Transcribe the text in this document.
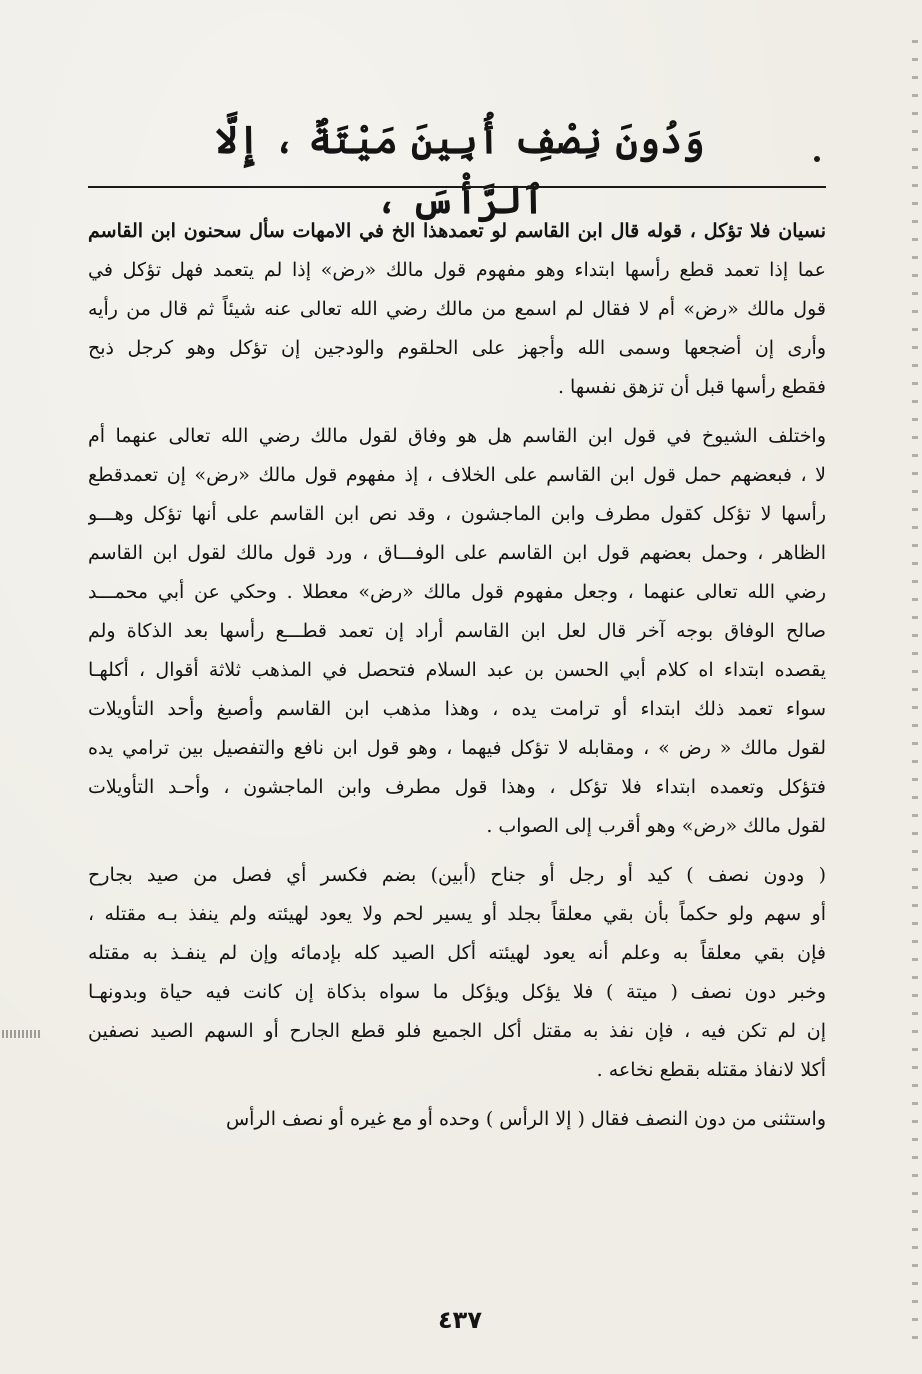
وَدُونَ نِصْفِ أُبِينَ مَيْتَةٌ ، إِلَّا ٱلرَّأْسَ ،
نسيان فلا تؤكل ، قوله قال ابن القاسم لو تعمدهذا الخ في الامهات سأل سحنون ابن القاسم
عما إذا تعمد قطع رأسها ابتداء وهو مفهوم قول مالك «رض» إذا لم يتعمد فهل تؤكل في
قول مالك «رض» أم لا فقال لم اسمع من مالك رضي الله تعالى عنه شيئاً ثم قال من رأيه
وأرى إن أضجعها وسمى الله وأجهز على الحلقوم والودجين إن تؤكل وهو كرجل ذبح
فقطع رأسها قبل أن تزهق نفسها .
واختلف الشيوخ في قول ابن القاسم هل هو وفاق لقول مالك رضي الله تعالى عنهما أم
لا ، فبعضهم حمل قول ابن القاسم على الخلاف ، إذ مفهوم قول مالك «رض» إن تعمدقطع
رأسها لا تؤكل كقول مطرف وابن الماجشون ، وقد نص ابن القاسم على أنها تؤكل وهـــو
الظاهر ، وحمل بعضهم قول ابن القاسم على الوفـــاق ، ورد قول مالك لقول ابن القاسم
رضي الله تعالى عنهما ، وجعل مفهوم قول مالك «رض» معطلا . وحكي عن أبي محمـــد
صالح الوفاق بوجه آخر قال لعل ابن القاسم أراد إن تعمد قطـــع رأسها بعد الذكاة ولم
يقصده ابتداء اه كلام أبي الحسن بن عبد السلام فتحصل في المذهب ثلاثة أقوال ، أكلهـا
سواء تعمد ذلك ابتداء أو ترامت يده ، وهذا مذهب ابن القاسم وأصبغ وأحد التأويلات
لقول مالك « رض » ، ومقابله لا تؤكل فيهما ، وهو قول ابن نافع والتفصيل بين ترامي يده
فتؤكل وتعمده ابتداء فلا تؤكل ، وهذا قول مطرف وابن الماجشون ، وأحـد التأويلات
لقول مالك «رض» وهو أقرب إلى الصواب .
( ودون نصف ) كيد أو رجل أو جناح (أبين) بضم فكسر أي فصل من صيد بجارح
أو سهم ولو حكماً بأن بقي معلقاً بجلد أو يسير لحم ولا يعود لهيئته ولم ينفذ بـه مقتله ،
فإن بقي معلقاً به وعلم أنه يعود لهيئته أكل الصيد كله بإدمائه وإن لم ينفـذ به مقتله
وخبر دون نصف ( ميتة ) فلا يؤكل ويؤكل ما سواه بذكاة إن كانت فيه حياة وبدونهـا
إن لم تكن فيه ، فإن نفذ به مقتل أكل الجميع فلو قطع الجارح أو السهم الصيد نصفين
أكلا لانفاذ مقتله بقطع نخاعه .
واستثنى من دون النصف فقال ( إلا الرأس ) وحده أو مع غيره أو نصف الرأس
٤٣٧
